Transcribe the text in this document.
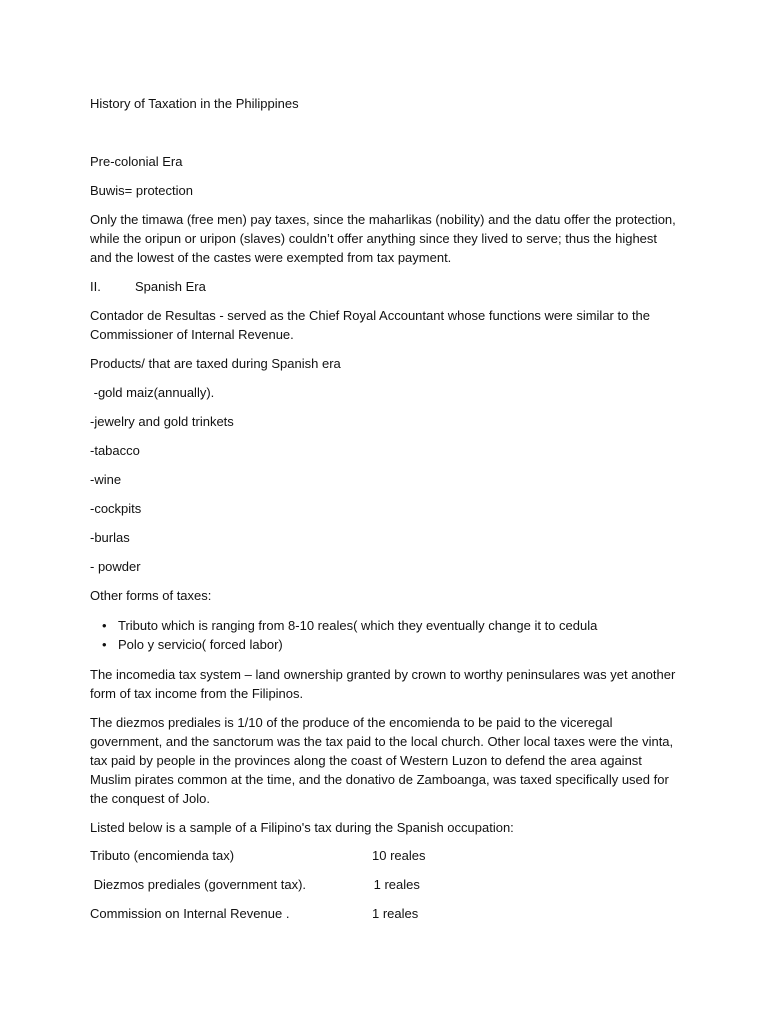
History of Taxation in the Philippines

Pre-colonial Era

Buwis= protection

Only the timawa (free men) pay taxes, since the maharlikas (nobility) and the datu offer the protection, while the oripun or uripon (slaves) couldn’t offer anything since they lived to serve; thus the highest and the lowest of the castes were exempted from tax payment.

II.	Spanish Era

Contador de Resultas - served as the Chief Royal Accountant whose functions were similar to the Commissioner of Internal Revenue.

Products/ that are taxed during Spanish era

-gold maiz(annually).

-jewelry and gold trinkets

-tabacco

-wine

-cockpits

-burlas

- powder

Other forms of taxes:

• Tributo which is ranging from 8-10 reales( which they eventually change it to cedula
• Polo y servicio( forced labor)

The incomedia tax system – land ownership granted by crown to worthy peninsulares was yet another form of tax income from the Filipinos.

The diezmos prediales is 1/10 of the produce of the encomienda to be paid to the viceregal government, and the sanctorum was the tax paid to the local church. Other local taxes were the vinta, tax paid by people in the provinces along the coast of Western Luzon to defend the area against Muslim pirates common at the time, and the donativo de Zamboanga, was taxed specifically used for the conquest of Jolo.

Listed below is a sample of a Filipino's tax during the Spanish occupation:

Tributo (encomienda tax)	10 reales
Diezmos prediales (government tax).	1 reales
Commission on Internal Revenue .	1 reales
